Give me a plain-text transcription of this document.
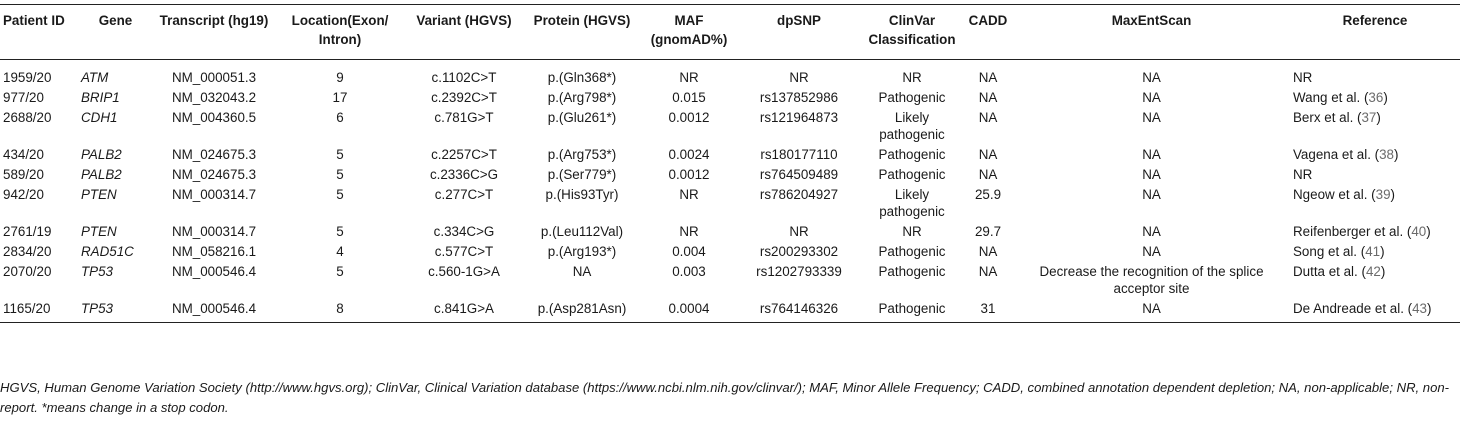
Patient ID	Gene	Transcript (hg19)	Location(Exon/ Intron)	Variant (HGVS)	Protein (HGVS)	MAF (gnomAD%)	dpSNP	ClinVar Classification	CADD	MaxEntScan	Reference
1959/20	ATM	NM_000051.3	9	c.1102C>T	p.(Gln368*)	NR	NR	NR	NA	NA	NR
977/20	BRIP1	NM_032043.2	17	c.2392C>T	p.(Arg798*)	0.015	rs137852986	Pathogenic	NA	NA	Wang et al. (36)
2688/20	CDH1	NM_004360.5	6	c.781G>T	p.(Glu261*)	0.0012	rs121964873	Likely pathogenic	NA	NA	Berx et al. (37)
434/20	PALB2	NM_024675.3	5	c.2257C>T	p.(Arg753*)	0.0024	rs180177110	Pathogenic	NA	NA	Vagena et al. (38)
589/20	PALB2	NM_024675.3	5	c.2336C>G	p.(Ser779*)	0.0012	rs764509489	Pathogenic	NA	NA	NR
942/20	PTEN	NM_000314.7	5	c.277C>T	p.(His93Tyr)	NR	rs786204927	Likely pathogenic	25.9	NA	Ngeow et al. (39)
2761/19	PTEN	NM_000314.7	5	c.334C>G	p.(Leu112Val)	NR	NR	NR	29.7	NA	Reifenberger et al. (40)
2834/20	RAD51C	NM_058216.1	4	c.577C>T	p.(Arg193*)	0.004	rs200293302	Pathogenic	NA	NA	Song et al. (41)
2070/20	TP53	NM_000546.4	5	c.560-1G>A	NA	0.003	rs1202793339	Pathogenic	NA	Decrease the recognition of the splice acceptor site	Dutta et al. (42)
1165/20	TP53	NM_000546.4	8	c.841G>A	p.(Asp281Asn)	0.0004	rs764146326	Pathogenic	31	NA	De Andreade et al. (43)
HGVS, Human Genome Variation Society (http://www.hgvs.org); ClinVar, Clinical Variation database (https://www.ncbi.nlm.nih.gov/clinvar/); MAF, Minor Allele Frequency; CADD, combined annotation dependent depletion; NA, non-applicable; NR, non-report. *means change in a stop codon.
